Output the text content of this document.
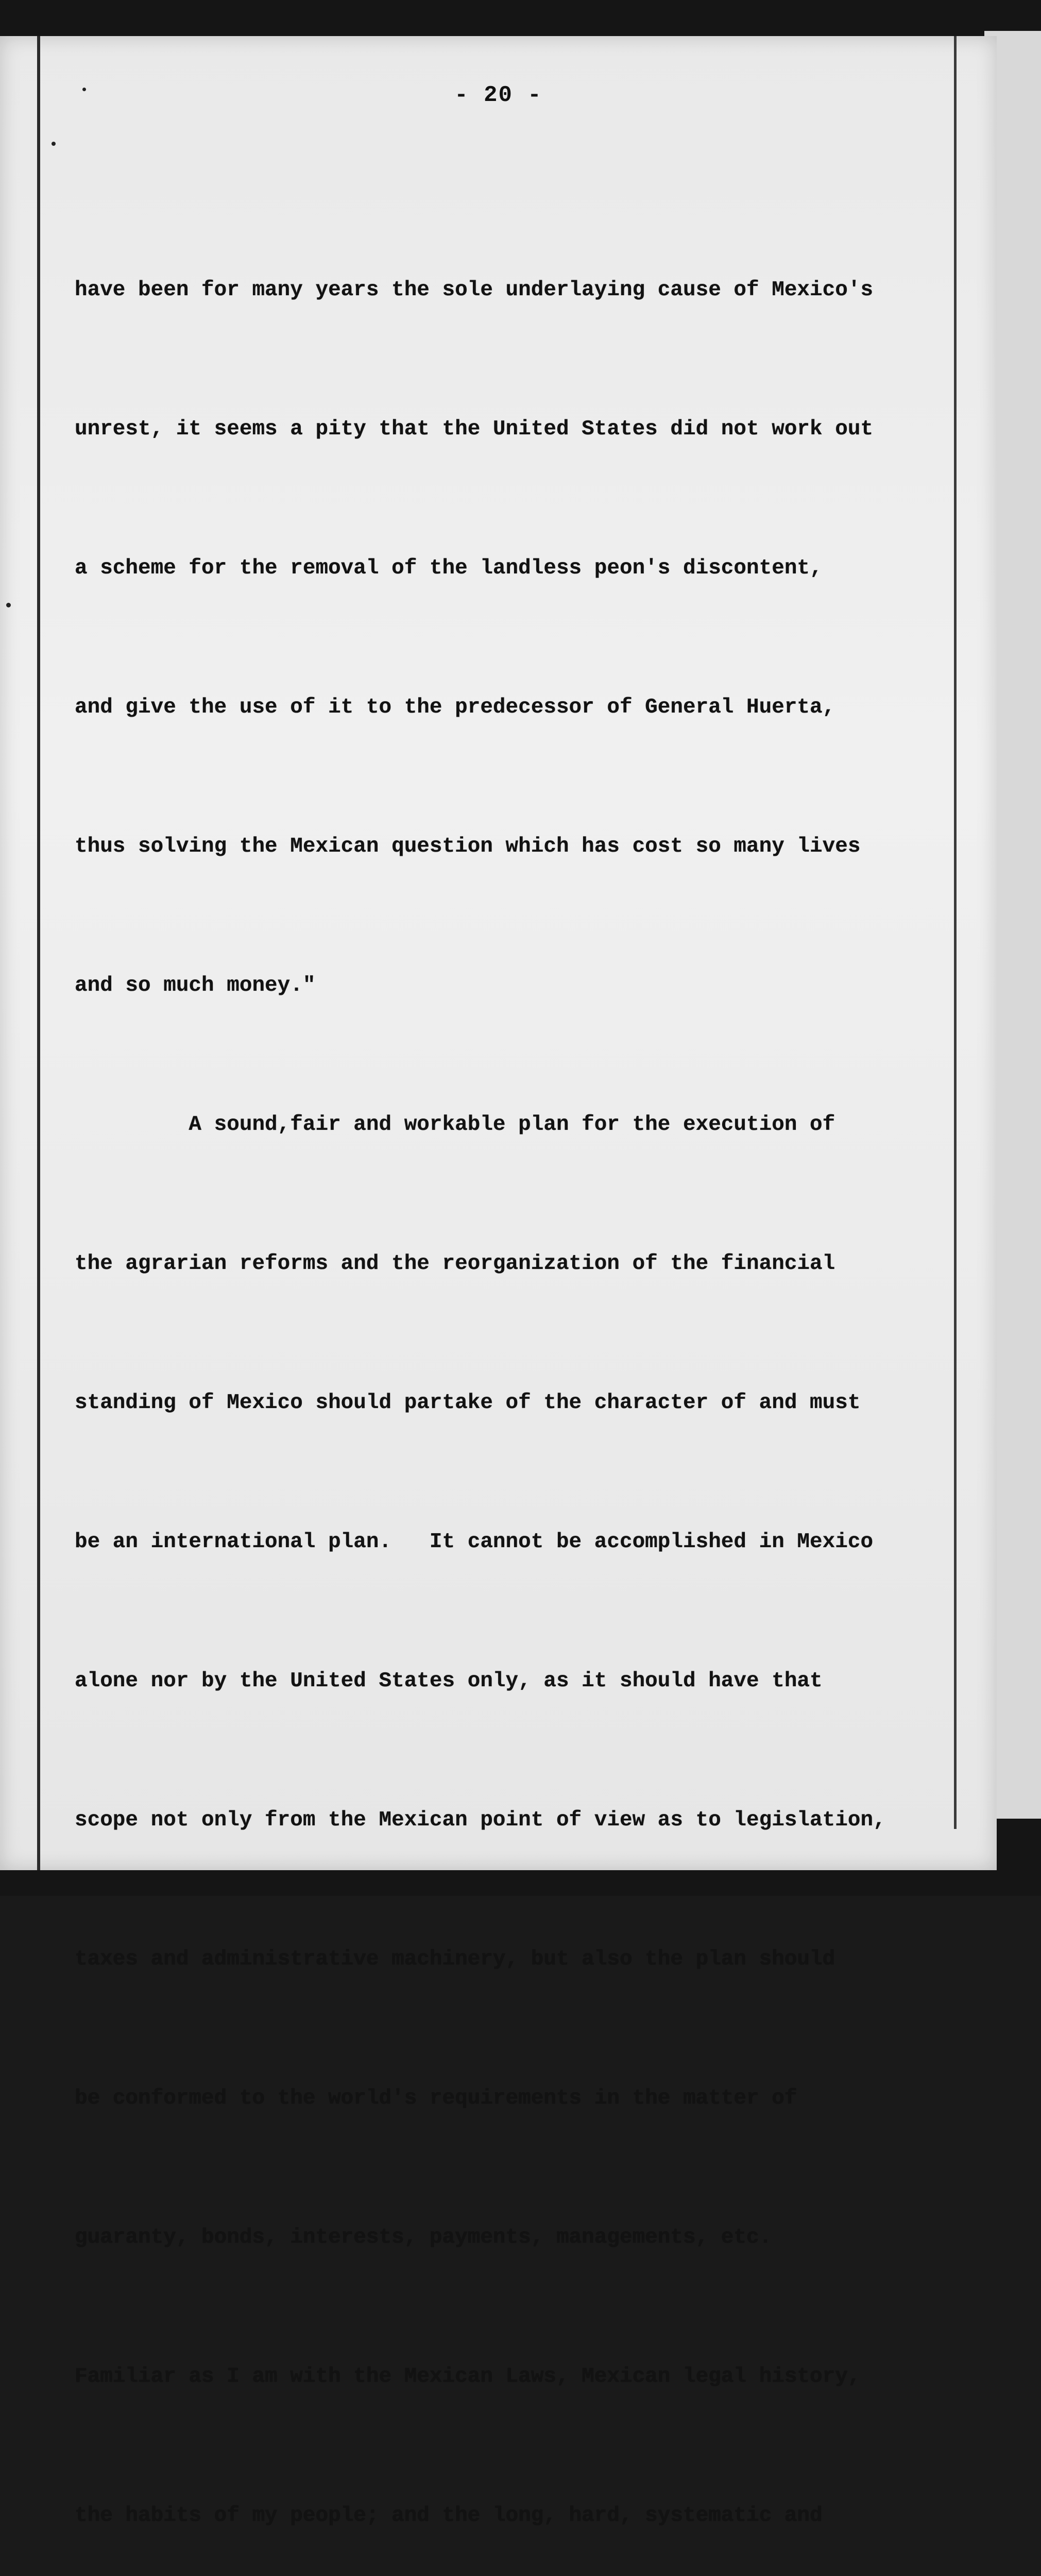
- 20 -

have been for many years the sole underlaying cause of Mexico's

unrest, it seems a pity that the United States did not work out

a scheme for the removal of the landless peon's discontent,

and give the use of it to the predecessor of General Huerta,

thus solving the Mexican question which has cost so many lives

and so much money."

A sound,fair and workable plan for the execution of

the agrarian reforms and the reorganization of the financial

standing of Mexico should partake of the character of and must

be an international plan.   It cannot be accomplished in Mexico

alone nor by the United States only, as it should have that

scope not only from the Mexican point of view as to legislation,

taxes and administrative machinery, but also the plan should

be conformed to the world's requirements in the matter of

guaranty, bonds, interests, payments, managements, etc.

Familiar as I am with the Mexican Laws, Mexican legal history,

the habits of my people; and the long, hard, systematic and
